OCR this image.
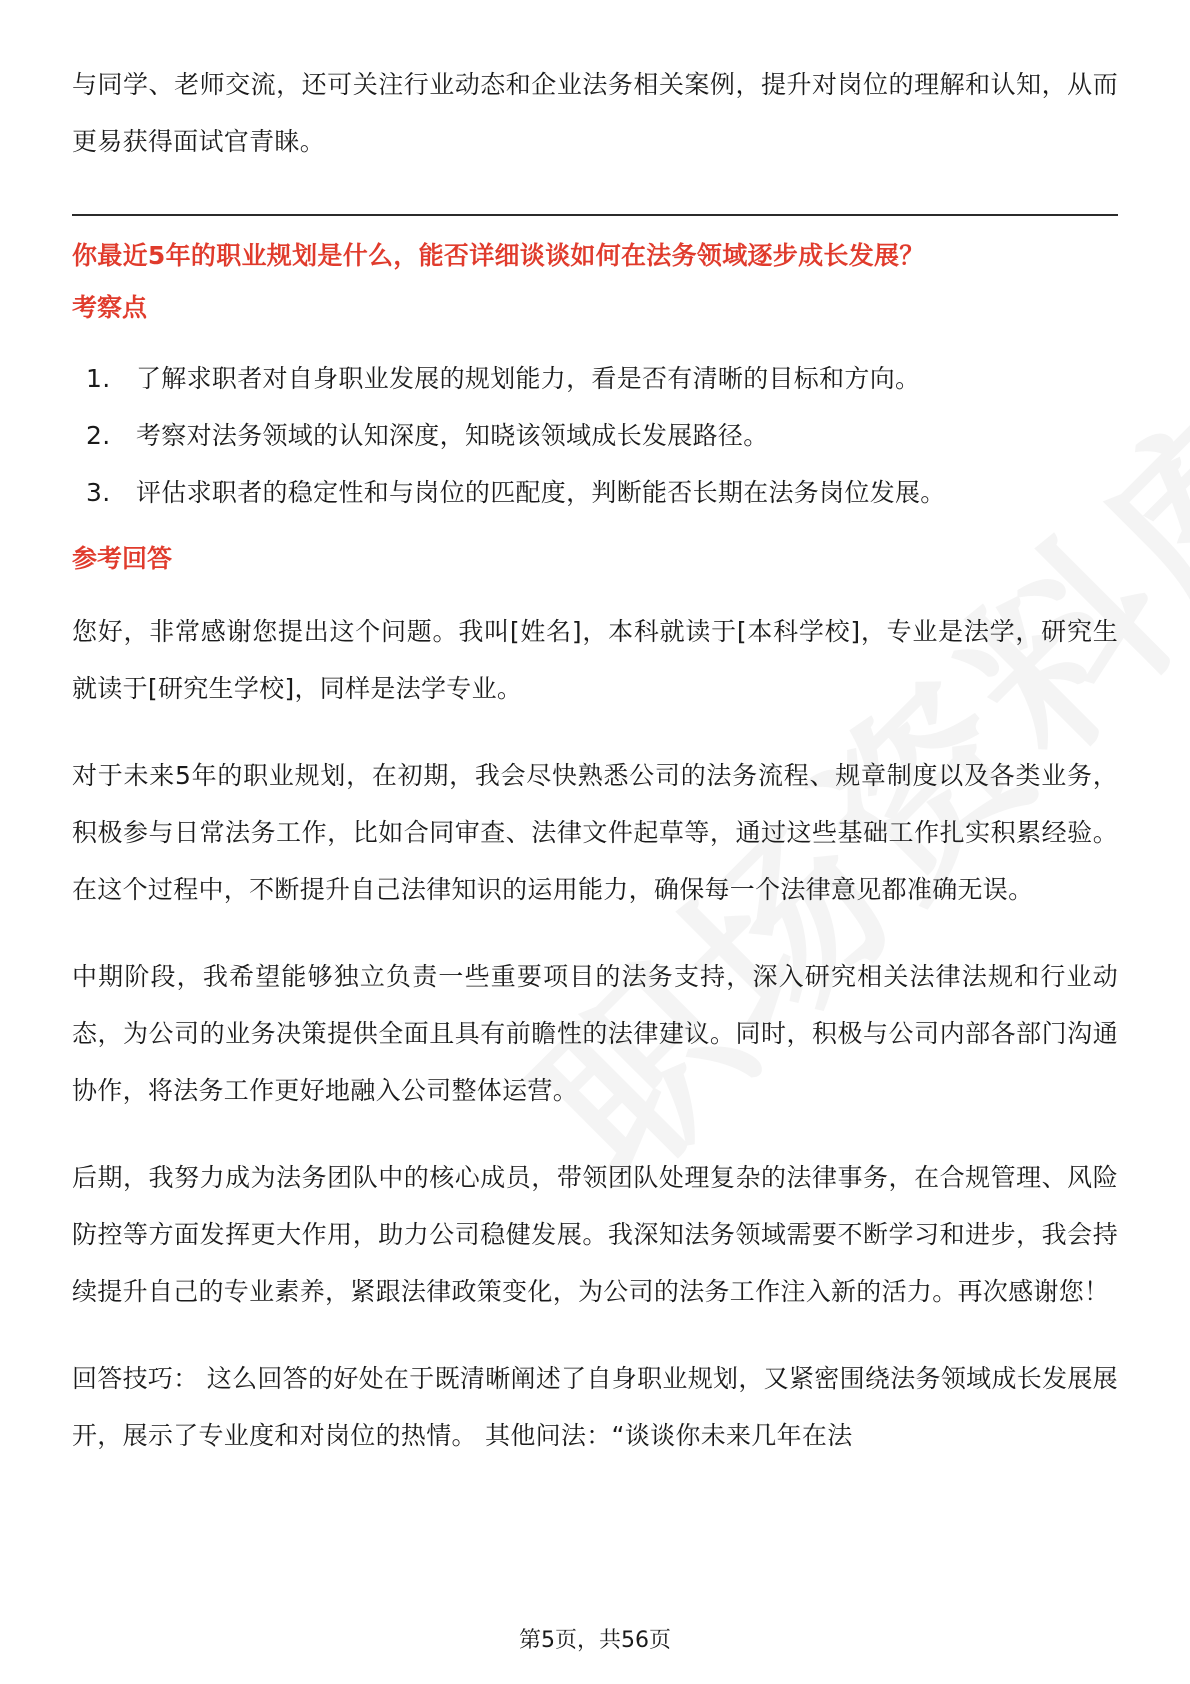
与同学、老师交流，还可关注行业动态和企业法务相关案例，提升对岗位的理解和认知，从而更易获得面试官青睐。

你最近5年的职业规划是什么，能否详细谈谈如何在法务领域逐步成长发展？

考察点

1.	了解求职者对自身职业发展的规划能力，看是否有清晰的目标和方向。
2.	考察对法务领域的认知深度，知晓该领域成长发展路径。
3.	评估求职者的稳定性和与岗位的匹配度，判断能否长期在法务岗位发展。

参考回答

您好，非常感谢您提出这个问题。我叫[姓名]，本科就读于[本科学校]，专业是法学，研究生就读于[研究生学校]，同样是法学专业。

对于未来5年的职业规划，在初期，我会尽快熟悉公司的法务流程、规章制度以及各类业务，积极参与日常法务工作，比如合同审查、法律文件起草等，通过这些基础工作扎实积累经验。在这个过程中，不断提升自己法律知识的运用能力，确保每一个法律意见都准确无误。

中期阶段，我希望能够独立负责一些重要项目的法务支持，深入研究相关法律法规和行业动态，为公司的业务决策提供全面且具有前瞻性的法律建议。同时，积极与公司内部各部门沟通协作，将法务工作更好地融入公司整体运营。

后期，我努力成为法务团队中的核心成员，带领团队处理复杂的法律事务，在合规管理、风险防控等方面发挥更大作用，助力公司稳健发展。我深知法务领域需要不断学习和进步，我会持续提升自己的专业素养，紧跟法律政策变化，为公司的法务工作注入新的活力。再次感谢您！

回答技巧： 这么回答的好处在于既清晰阐述了自身职业规划，又紧密围绕法务领域成长发展展开，展示了专业度和对岗位的热情。 其他问法：“谈谈你未来几年在法

第5页，共56页
